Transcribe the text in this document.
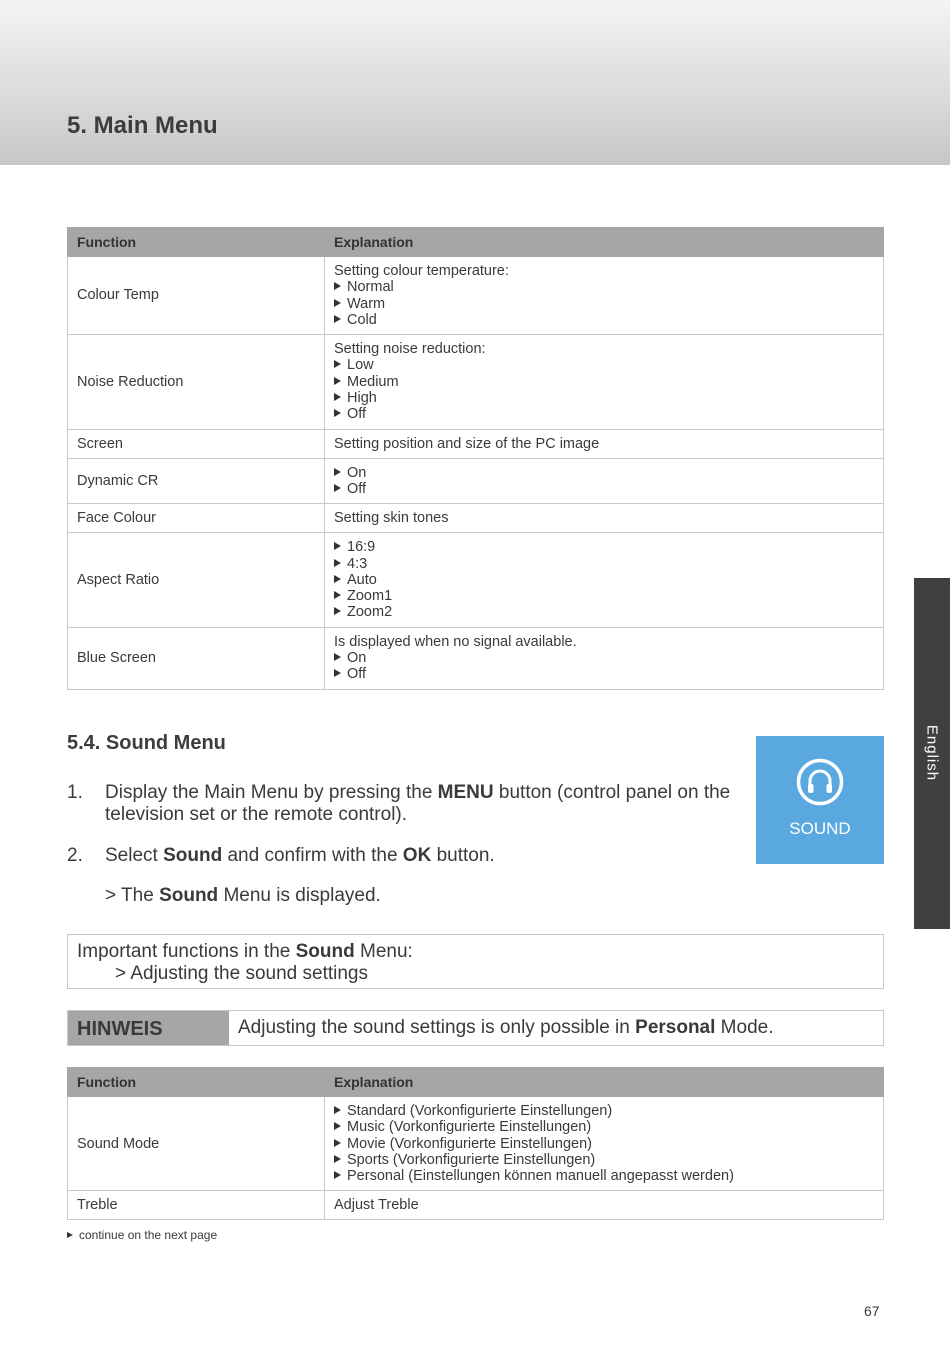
5. Main Menu
English
Function	Explanation
Colour Temp	Setting colour temperature:
Normal
Warm
Cold

Noise Reduction	Setting noise reduction:
Low
Medium
High
Off

Screen	Setting position and size of the PC image

Dynamic CR	On
Off

Face Colour	Setting skin tones

Aspect Ratio	16:9
4:3
Auto
Zoom1
Zoom2

Blue Screen	Is displayed when no signal available.
On
Off
5.4. Sound Menu
1. Display the Main Menu by pressing the MENU button (control panel on the television set or the remote control).
2. Select Sound and confirm with the OK button.
> The Sound Menu is displayed.
SOUND
Important functions in the Sound Menu:
> Adjusting the sound settings
HINWEIS	Adjusting the sound settings is only possible in Personal Mode.
Function	Explanation
Sound Mode	Standard (Vorkonfigurierte Einstellungen)
Music (Vorkonfigurierte Einstellungen)
Movie (Vorkonfigurierte Einstellungen)
Sports (Vorkonfigurierte Einstellungen)
Personal (Einstellungen können manuell angepasst werden)

Treble	Adjust Treble
continue on the next page
67
